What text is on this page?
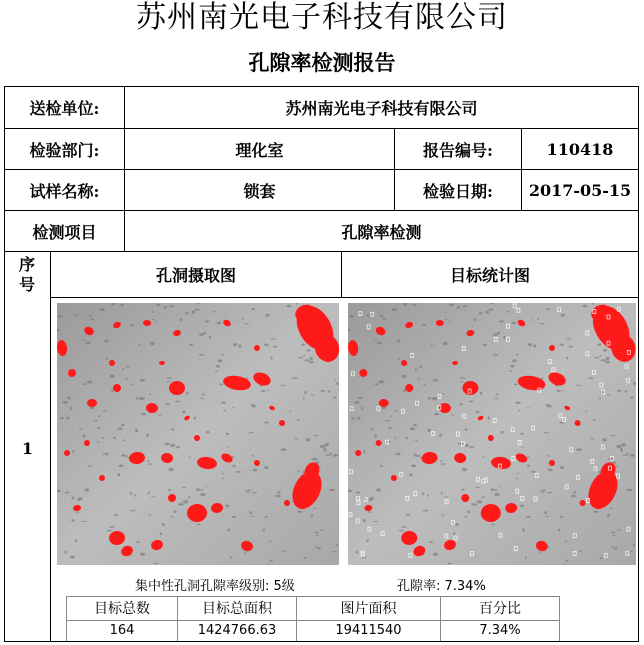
苏州南光电子科技有限公司
孔隙率检测报告
送检单位:	苏州南光电子科技有限公司
检验部门:	理化室	报告编号:	110418
试样名称:	锁套	检验日期:	2017-05-15
检测项目	孔隙率检测
序号	孔洞摄取图	目标统计图
1
集中性孔洞孔隙率级别: 5级	孔隙率: 7.34%
目标总数	目标总面积	图片面积	百分比
164	1424766.63	19411540	7.34%
